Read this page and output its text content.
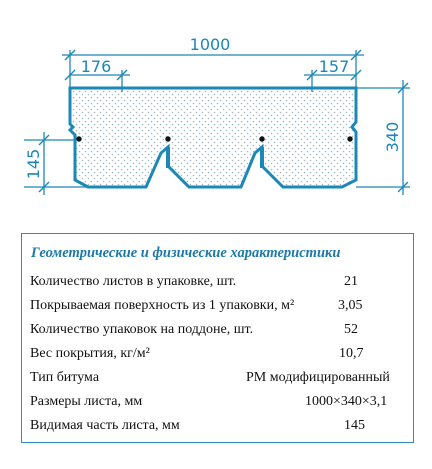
1000
176	157
340
145
Геометрические и физические характеристики
Количество листов в упаковке, шт.	21
Покрываемая поверхность из 1 упаковки, м²	3,05
Количество упаковок на поддоне, шт.	52
Вес покрытия, кг/м²	10,7
Тип битума	РМ модифицированный
Размеры листа, мм	1000×340×3,1
Видимая часть листа, мм	145
